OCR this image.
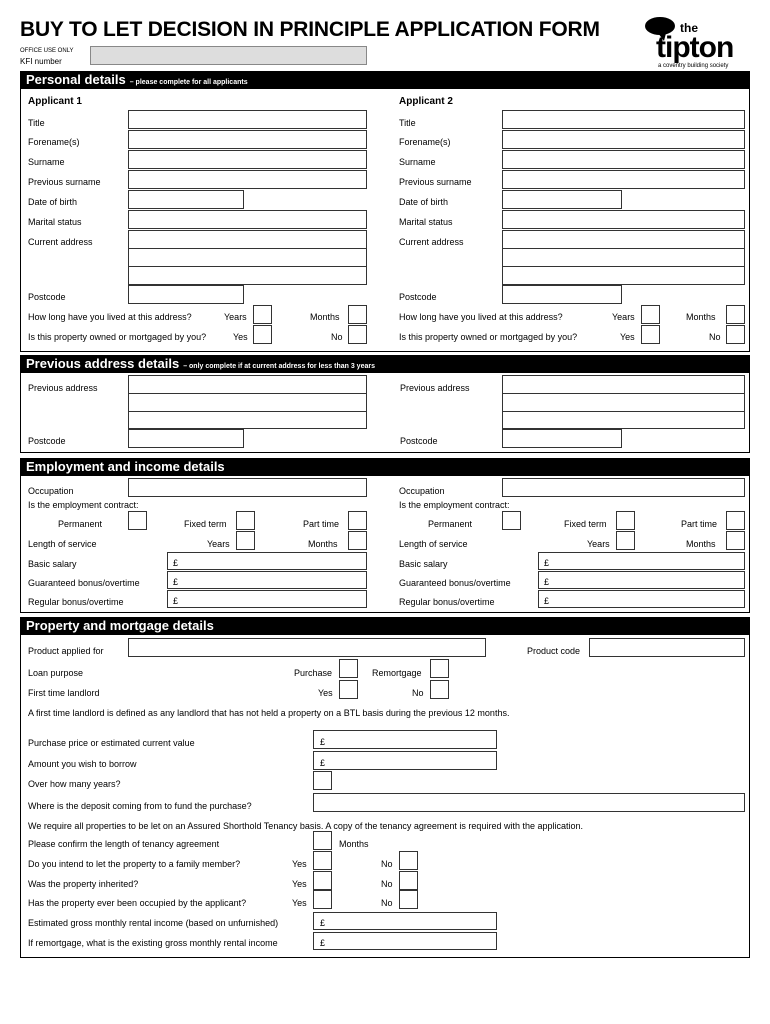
BUY TO LET DECISION IN PRINCIPLE APPLICATION FORM
OFFICE USE ONLY
KFI number
the
tipton
a coventry building society
Personal details – please complete for all applicants
Applicant 1	Applicant 2
Title
Forename(s)
Surname
Previous surname
Date of birth
Marital status
Current address
Postcode
How long have you lived at this address?	Years	Months
Is this property owned or mortgaged by you?	Yes	No
Title
Forename(s)
Surname
Previous surname
Date of birth
Marital status
Current address
Postcode
How long have you lived at this address?	Years	Months
Is this property owned or mortgaged by you?	Yes	No
Previous address details – only complete if at current address for less than 3 years
Previous address
Postcode
Previous address
Postcode
Employment and income details
Occupation
Is the employment contract:
Permanent	Fixed term	Part time
Length of service	Years	Months
Basic salary	£
Guaranteed bonus/overtime	£
Regular bonus/overtime	£
Occupation
Is the employment contract:
Permanent	Fixed term	Part time
Length of service	Years	Months
Basic salary	£
Guaranteed bonus/overtime	£
Regular bonus/overtime	£
Property and mortgage details
Product applied for	Product code
Loan purpose	Purchase	Remortgage
First time landlord	Yes	No
A first time landlord is defined as any landlord that has not held a property on a BTL basis during the previous 12 months.
Purchase price or estimated current value	£
Amount you wish to borrow	£
Over how many years?
Where is the deposit coming from to fund the purchase?
We require all properties to be let on an Assured Shorthold Tenancy basis. A copy of the tenancy agreement is required with the application.
Please confirm the length of tenancy agreement	Months
Do you intend to let the property to a family member?	Yes	No
Was the property inherited?	Yes	No
Has the property ever been occupied by the applicant?	Yes	No
Estimated gross monthly rental income (based on unfurnished)	£
If remortgage, what is the existing gross monthly rental income	£
